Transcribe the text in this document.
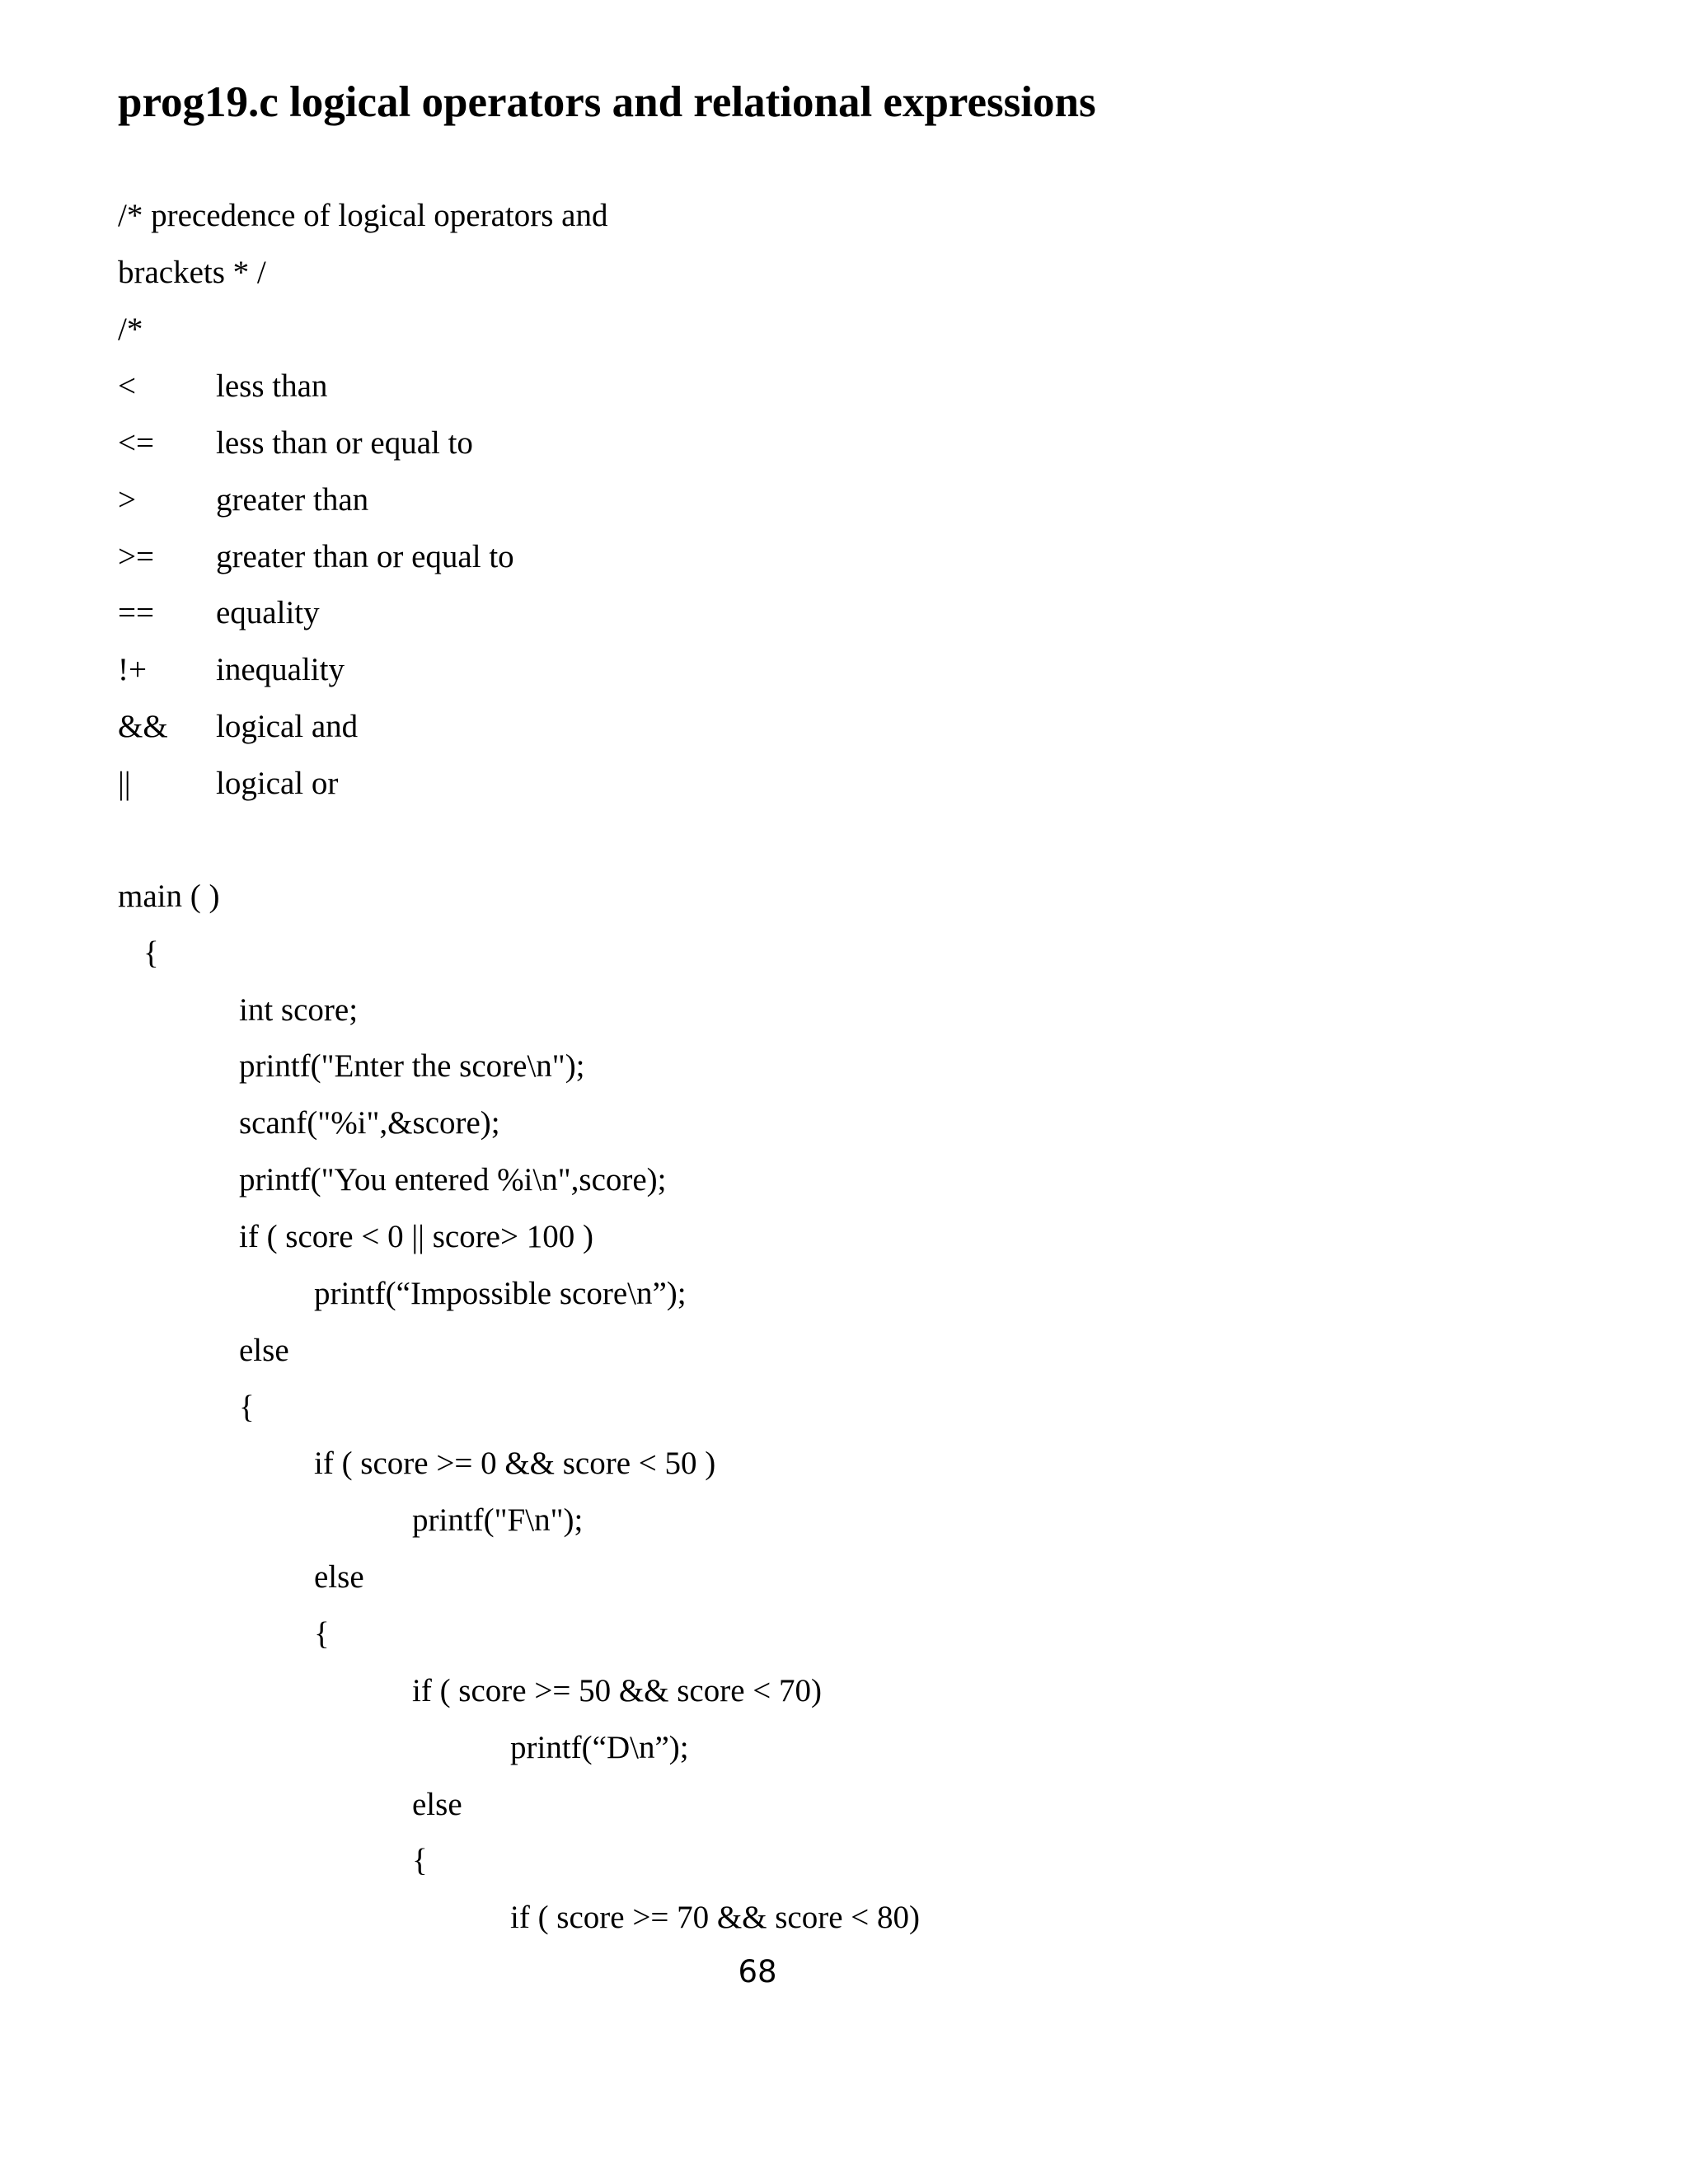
prog19.c logical operators and relational expressions
/* precedence of logical operators and
brackets * /
/*
< less than
<= less than or equal to
> greater than
>= greater than or equal to
== equality
!+ inequality
&& logical and
||	logical or
main ( )
{
int score;
printf("Enter the score\n");
scanf("%i",&score);
printf("You entered %i\n",score);
if ( score < 0 || score> 100 )
printf(“Impossible score\n”);
else
{
if ( score >= 0 && score < 50 )
printf("F\n");
else
{
if ( score >= 50 && score < 70)
printf(“D\n”);
else
{
if ( score >= 70 && score < 80)
68
